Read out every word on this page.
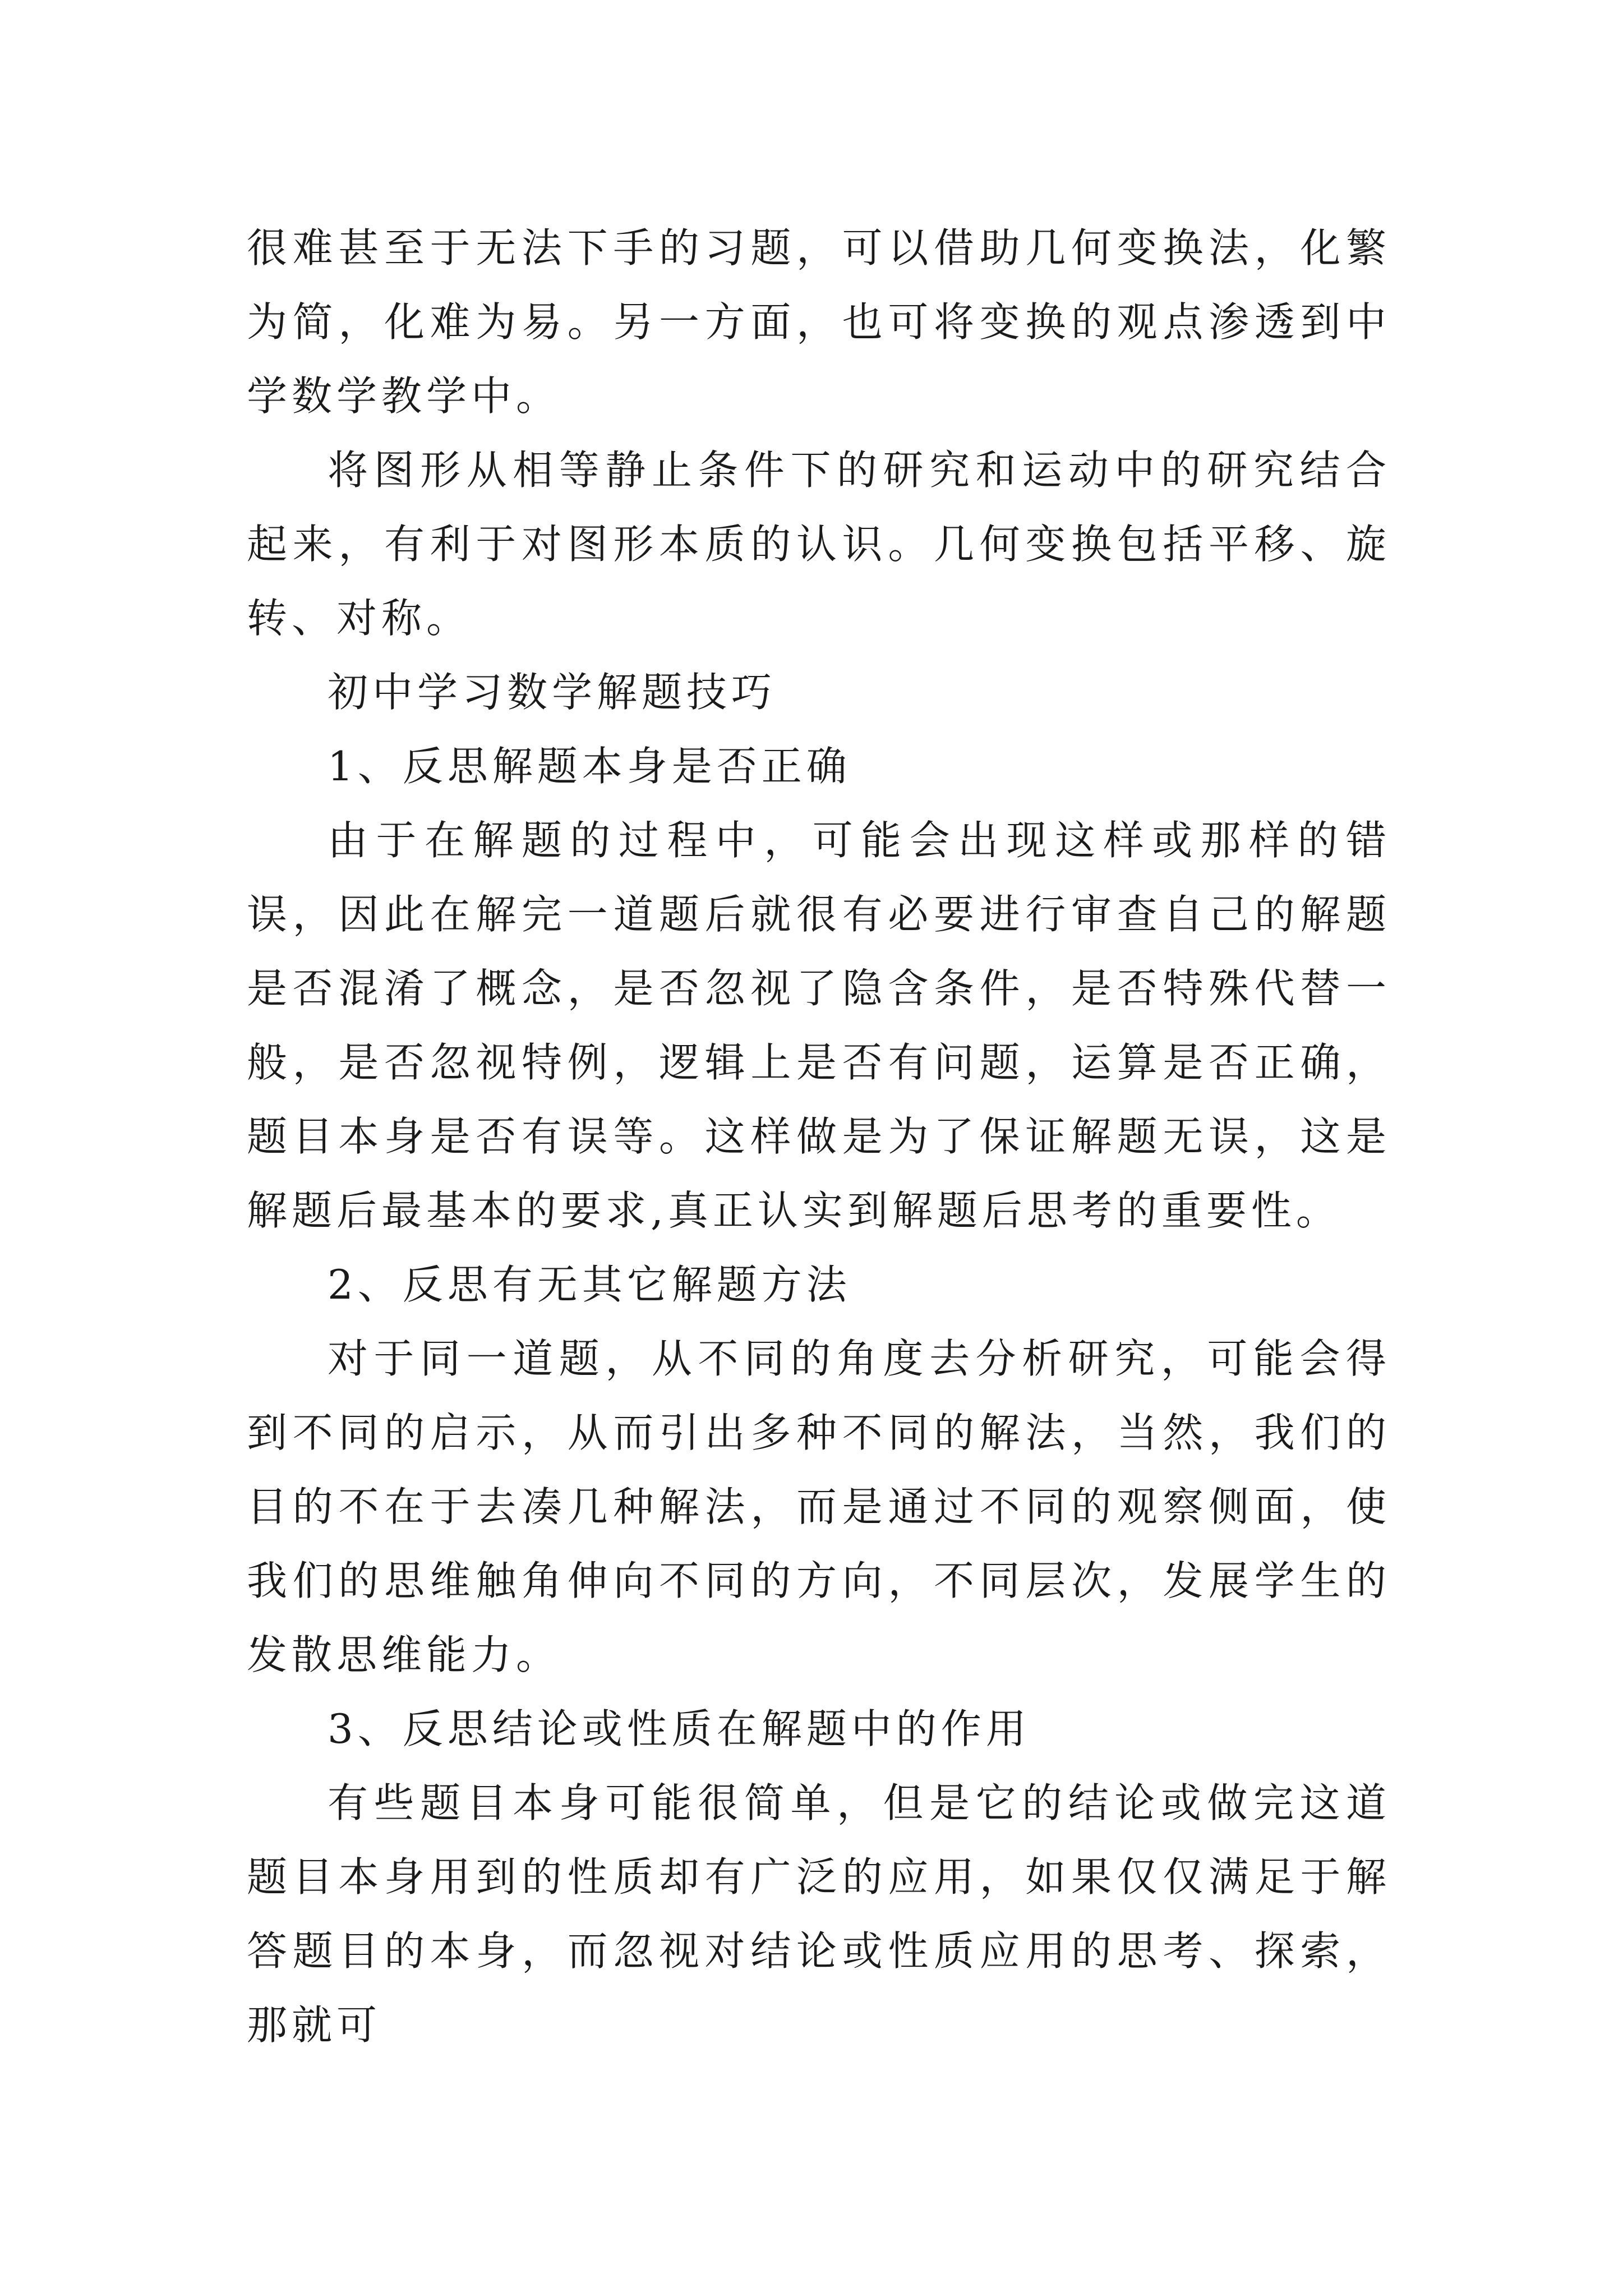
很难甚至于无法下手的习题，可以借助几何变换法，化繁为简，化难为易。另一方面，也可将变换的观点渗透到中学数学教学中。

将图形从相等静止条件下的研究和运动中的研究结合起来，有利于对图形本质的认识。几何变换包括平移、旋转、对称。

初中学习数学解题技巧

1、反思解题本身是否正确

由于在解题的过程中，可能会出现这样或那样的错误，因此在解完一道题后就很有必要进行审查自己的解题是否混淆了概念，是否忽视了隐含条件，是否特殊代替一般，是否忽视特例，逻辑上是否有问题，运算是否正确，题目本身是否有误等。这样做是为了保证解题无误，这是解题后最基本的要求,真正认实到解题后思考的重要性。

2、反思有无其它解题方法

对于同一道题，从不同的角度去分析研究，可能会得到不同的启示，从而引出多种不同的解法，当然，我们的目的不在于去凑几种解法，而是通过不同的观察侧面，使我们的思维触角伸向不同的方向，不同层次，发展学生的发散思维能力。

3、反思结论或性质在解题中的作用

有些题目本身可能很简单，但是它的结论或做完这道题目本身用到的性质却有广泛的应用，如果仅仅满足于解答题目的本身，而忽视对结论或性质应用的思考、探索，那就可
